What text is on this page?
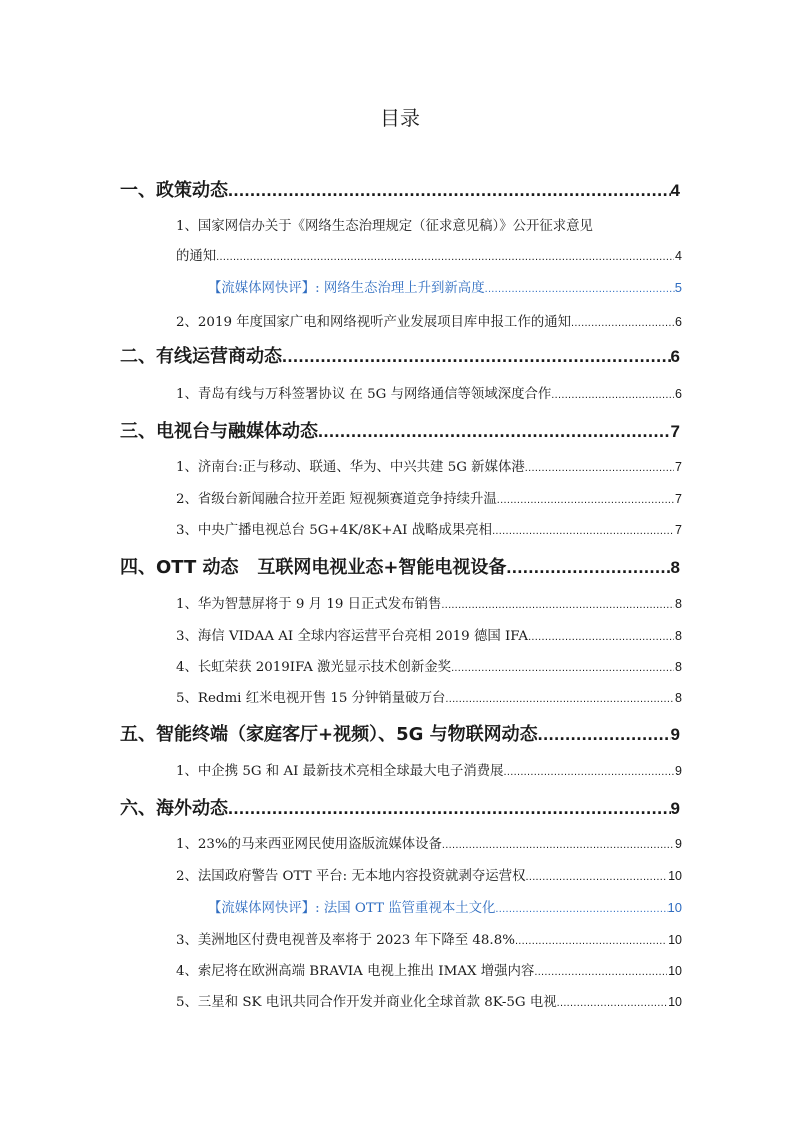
目录
一、政策动态 .....	4
1、国家网信办关于《网络生态治理规定（征求意见稿）》公开征求意见
的通知 .....	4
【流媒体网快评】: 网络生态治理上升到新高度 .....	5
2、2019 年度国家广电和网络视听产业发展项目库申报工作的通知 .....	6
二、有线运营商动态 .....	6
1、青岛有线与万科签署协议 在 5G 与网络通信等领域深度合作 .....	6
三、电视台与融媒体动态 .....	7
1、济南台:正与移动、联通、华为、中兴共建 5G 新媒体港 .....	7
2、省级台新闻融合拉开差距 短视频赛道竞争持续升温 .....	7
3、中央广播电视总台 5G+4K/8K+AI 战略成果亮相 .....	7
四、OTT 动态   互联网电视业态+智能电视设备 .....	8
1、华为智慧屏将于 9 月 19 日正式发布销售 .....	8
3、海信 VIDAA AI 全球内容运营平台亮相 2019 德国 IFA .....	8
4、长虹荣获 2019IFA 激光显示技术创新金奖 .....	8
5、Redmi 红米电视开售 15 分钟销量破万台 .....	8
五、智能终端（家庭客厅+视频）、5G 与物联网动态 .....	9
1、中企携 5G 和 AI 最新技术亮相全球最大电子消费展 .....	9
六、海外动态 .....	9
1、23%的马来西亚网民使用盗版流媒体设备 .....	9
2、法国政府警告 OTT 平台: 无本地内容投资就剥夺运营权 .....	10
【流媒体网快评】: 法国 OTT 监管重视本土文化 .....	10
3、美洲地区付费电视普及率将于 2023 年下降至 48.8% .....	10
4、索尼将在欧洲高端 BRAVIA 电视上推出 IMAX 增强内容 .....	10
5、三星和 SK 电讯共同合作开发并商业化全球首款 8K-5G 电视 .....	10
